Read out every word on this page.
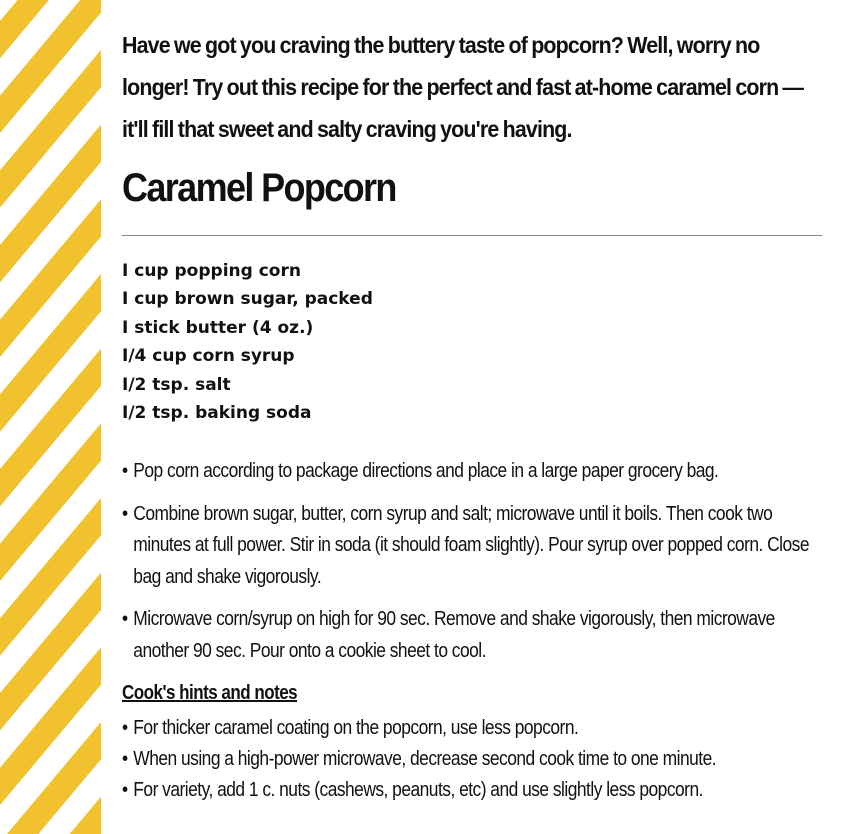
Have we got you craving the buttery taste of popcorn? Well, worry no longer! Try out this recipe for the perfect and fast at-home caramel corn — it'll fill that sweet and salty craving you're having.

Caramel Popcorn
I cup popping corn
I cup brown sugar, packed
I stick butter (4 oz.)
I/4 cup corn syrup
I/2 tsp. salt
I/2 tsp. baking soda
• Pop corn according to package directions and place in a large paper grocery bag.
• Combine brown sugar, butter, corn syrup and salt; microwave until it boils. Then cook two minutes at full power. Stir in soda (it should foam slightly). Pour syrup over popped corn. Close bag and shake vigorously.
• Microwave corn/syrup on high for 90 sec. Remove and shake vigorously, then microwave another 90 sec. Pour onto a cookie sheet to cool.
Cook's hints and notes
• For thicker caramel coating on the popcorn, use less popcorn.
• When using a high-power microwave, decrease second cook time to one minute.
• For variety, add 1 c. nuts (cashews, peanuts, etc) and use slightly less popcorn.
